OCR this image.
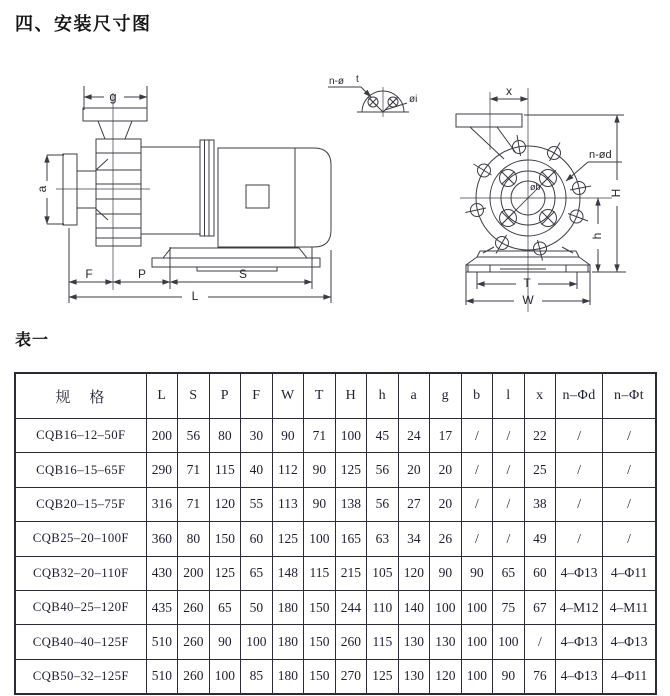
四、安装尺寸图
g
a
F	P	S
L
n-ø t
øi
øb
x
n-ød
H
h
T
W
表一
规　格	L	S	P	F	W	T	H	h	a	g	b	l	x	n–Φd	n–Φt
CQB16–12–50F	200	56	80	30	90	71	100	45	24	17	/	/	22	/	/
CQB16–15–65F	290	71	115	40	112	90	125	56	20	20	/	/	25	/	/
CQB20–15–75F	316	71	120	55	113	90	138	56	27	20	/	/	38	/	/
CQB25–20–100F	360	80	150	60	125	100	165	63	34	26	/	/	49	/	/
CQB32–20–110F	430	200	125	65	148	115	215	105	120	90	90	65	60	4–Φ13	4–Φ11
CQB40–25–120F	435	260	65	50	180	150	244	110	140	100	100	75	67	4–M12	4–M11
CQB40–40–125F	510	260	90	100	180	150	260	115	130	130	100	100	/	4–Φ13	4–Φ13
CQB50–32–125F	510	260	100	85	180	150	270	125	130	120	100	90	76	4–Φ13	4–Φ11
